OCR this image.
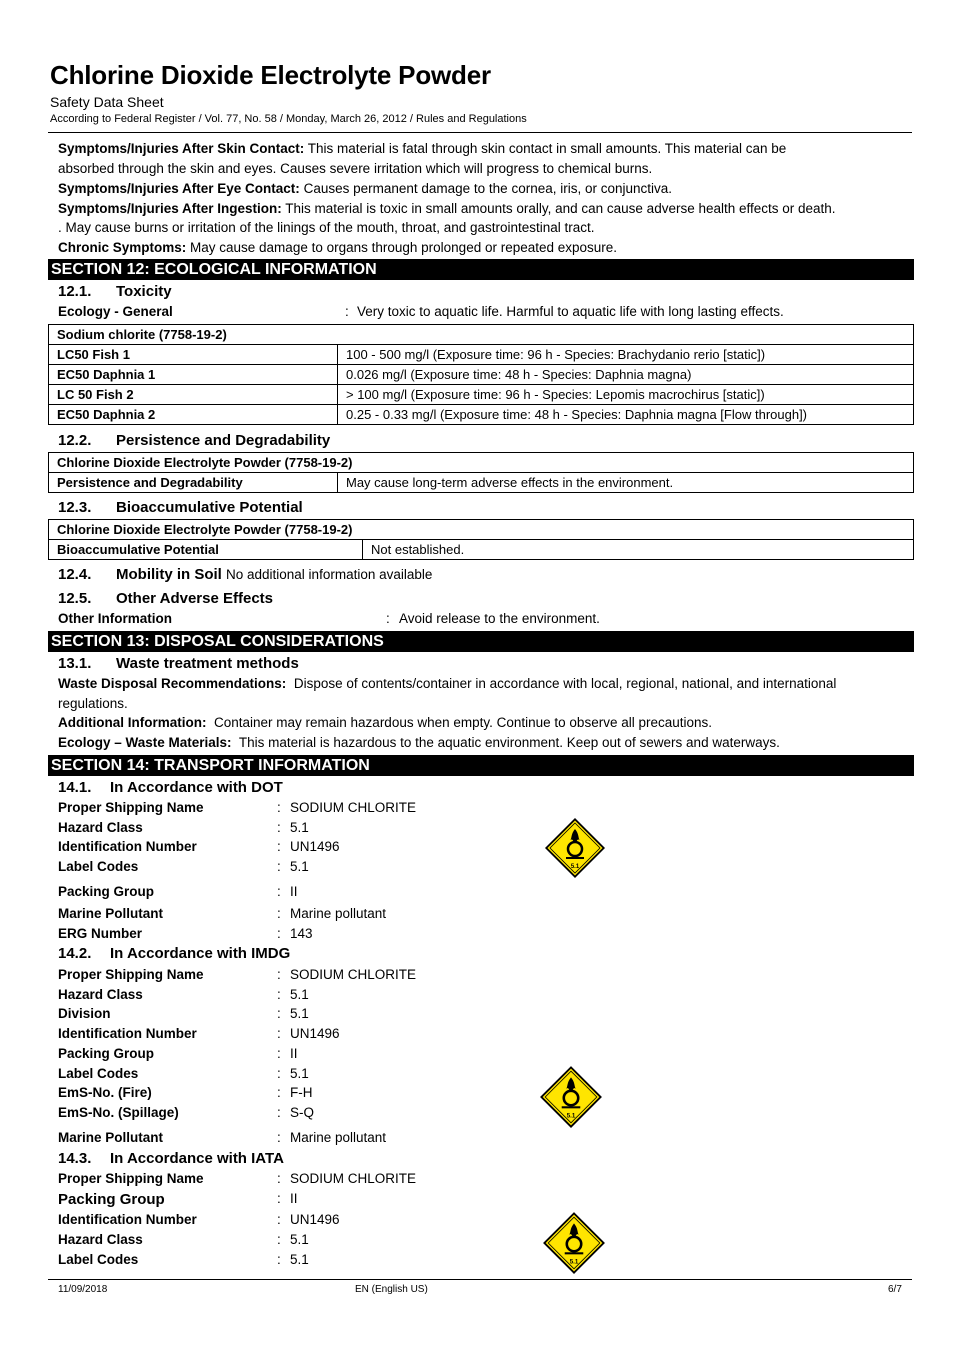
Chlorine Dioxide Electrolyte Powder
Safety Data Sheet
According to Federal Register / Vol. 77, No. 58 / Monday, March 26, 2012 / Rules and Regulations
Symptoms/Injuries After Skin Contact: This material is fatal through skin contact in small amounts. This material can be
absorbed through the skin and eyes. Causes severe irritation which will progress to chemical burns.
Symptoms/Injuries After Eye Contact: Causes permanent damage to the cornea, iris, or conjunctiva.
Symptoms/Injuries After Ingestion: This material is toxic in small amounts orally, and can cause adverse health effects or death.
. May cause burns or irritation of the linings of the mouth, throat, and gastrointestinal tract.
Chronic Symptoms: May cause damage to organs through prolonged or repeated exposure.
SECTION 12: ECOLOGICAL INFORMATION
12.1. Toxicity
Ecology - General	: Very toxic to aquatic life. Harmful to aquatic life with long lasting effects.
Sodium chlorite (7758-19-2)	
LC50 Fish 1	100 - 500 mg/l (Exposure time: 96 h - Species: Brachydanio rerio [static])
EC50 Daphnia 1	0.026 mg/l (Exposure time: 48 h - Species: Daphnia magna)
LC 50 Fish 2	> 100 mg/l (Exposure time: 96 h - Species: Lepomis macrochirus [static])
EC50 Daphnia 2	0.25 - 0.33 mg/l (Exposure time: 48 h - Species: Daphnia magna [Flow through])
12.2. Persistence and Degradability
Chlorine Dioxide Electrolyte Powder (7758-19-2)
Persistence and Degradability	May cause long-term adverse effects in the environment.
12.3. Bioaccumulative Potential
Chlorine Dioxide Electrolyte Powder (7758-19-2)
Bioaccumulative Potential	Not established.
12.4. Mobility in Soil No additional information available
12.5. Other Adverse Effects
Other Information	: Avoid release to the environment.
SECTION 13: DISPOSAL CONSIDERATIONS
13.1. Waste treatment methods
Waste Disposal Recommendations:  Dispose of contents/container in accordance with local, regional, national, and international
regulations.
Additional Information:  Container may remain hazardous when empty. Continue to observe all precautions.
Ecology – Waste Materials:  This material is hazardous to the aquatic environment. Keep out of sewers and waterways.
SECTION 14: TRANSPORT INFORMATION
14.1. In Accordance with DOT
Proper Shipping Name	: SODIUM CHLORITE
Hazard Class	: 5.1
Identification Number	: UN1496
Label Codes	: 5.1
Packing Group	: II
Marine Pollutant	: Marine pollutant
ERG Number	: 143
5.1
14.2. In Accordance with IMDG
Proper Shipping Name	: SODIUM CHLORITE
Hazard Class	: 5.1
Division	: 5.1
Identification Number	: UN1496
Packing Group	: II
Label Codes	: 5.1
EmS-No. (Fire)	: F-H
EmS-No. (Spillage)	: S-Q
Marine Pollutant	: Marine pollutant
5.1
14.3. In Accordance with IATA
Proper Shipping Name	: SODIUM CHLORITE
Packing Group	: II
Identification Number	: UN1496
Hazard Class	: 5.1
Label Codes	: 5.1	5.1
11/09/2018	EN (English US)	6/7
